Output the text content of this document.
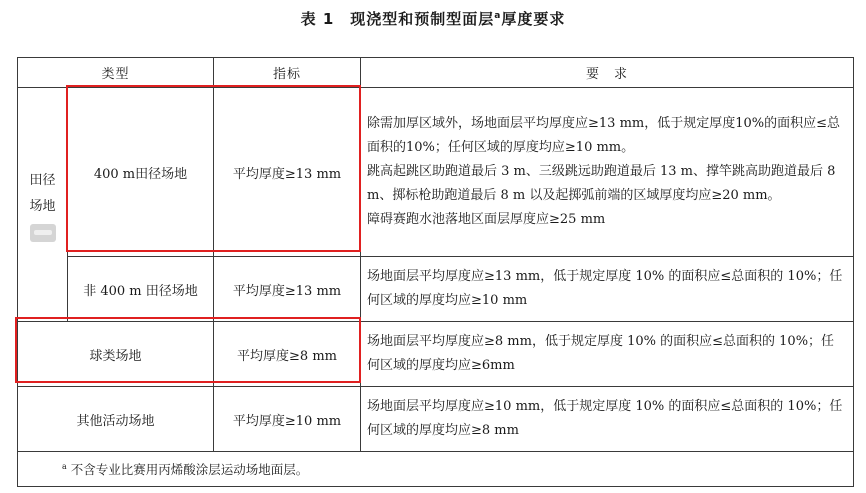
表 1 现浇型和预制型面层$^a$厚度要求
类型		指标	要　求

田径场地	400 m田径场地	平均厚度≥13 mm	除需加厚区域外，场地面层平均厚度应≥13 mm，低于规定厚度10%的面积应≤总面积的10%；任何区域的厚度均应≥10 mm。
跳高起跳区助跑道最后 3 m、三级跳远助跑道最后 13 m、撑竿跳高助跑道最后 8 m、掷标枪助跑道最后 8 m 以及起掷弧前端的区域厚度均应≥20 mm。
障碍赛跑水池落地区面层厚度应≥25 mm

	非 400 m 田径场地	平均厚度≥13 mm	场地面层平均厚度应≥13 mm，低于规定厚度 10% 的面积应≤总面积的 10%；任何区域的厚度均应≥10 mm

球类场地		平均厚度≥8 mm	场地面层平均厚度应≥8 mm，低于规定厚度 10% 的面积应≤总面积的 10%；任何区域的厚度均应≥6mm

其他活动场地		平均厚度≥10 mm	场地面层平均厚度应≥10 mm，低于规定厚度 10% 的面积应≤总面积的 10%；任何区域的厚度均应≥8 mm

$^a$ 不含专业比赛用丙烯酸涂层运动场地面层。			
